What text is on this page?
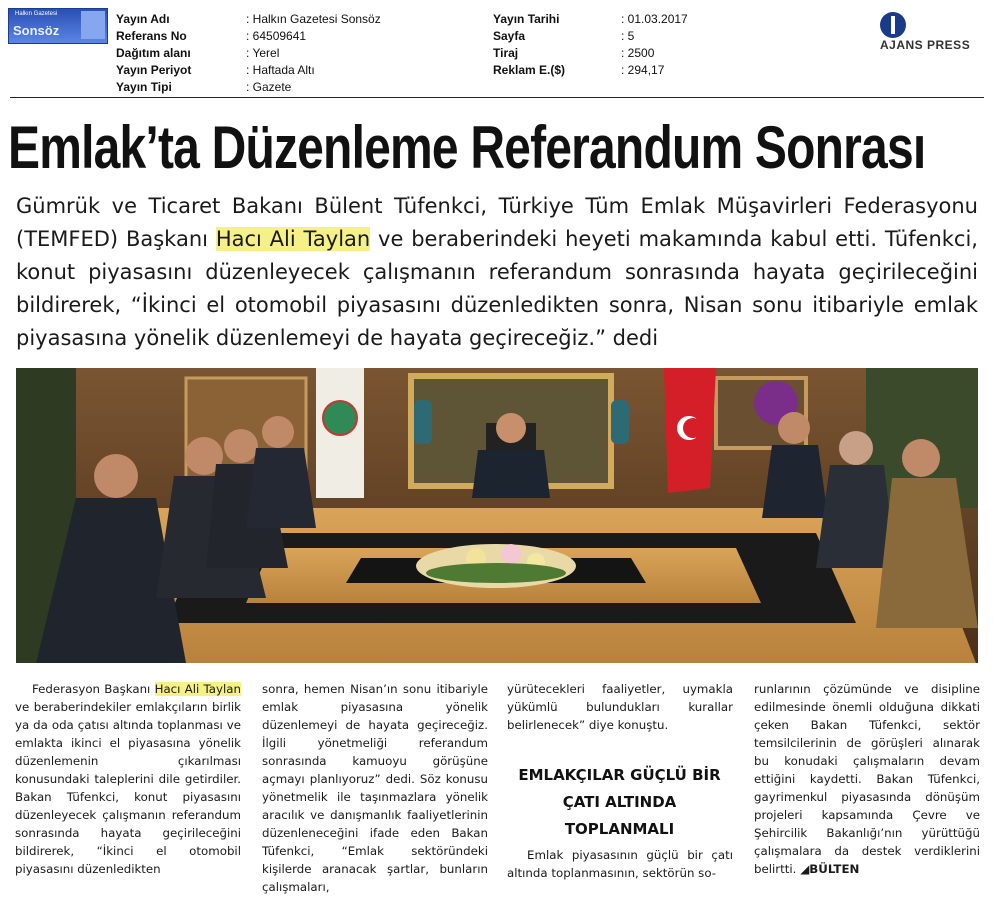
Halkın Gazetesi
Sonsöz
Yayın Adı	: Halkın Gazetesi Sonsöz
Referans No	: 64509641
Dağıtım alanı	: Yerel
Yayın Periyot	: Haftada Altı
Yayın Tipi	: Gazete
Yayın Tarihi	: 01.03.2017
Sayfa	: 5
Tiraj	: 2500
Reklam E.($)	: 294,17
AJANS PRESS
Emlak’ta Düzenleme Referandum Sonrası
Gümrük ve Ticaret Bakanı Bülent Tüfenkci, Türkiye Tüm Emlak Müşavirleri Federasyonu (TEMFED) Başkanı Hacı Ali Taylan ve beraberindeki heyeti makamında kabul etti. Tüfenkci, konut piyasasını düzenleyecek çalışmanın referandum sonrasında hayata geçirileceğini bildirerek, “İkinci el otomobil piyasasını düzenledikten sonra, Nisan sonu itibariyle emlak piyasasına yönelik düzenlemeyi de hayata geçireceğiz.” dedi
Federasyon Başkanı Hacı Ali Taylan ve beraberindekiler emlakçıların birlik ya da oda çatısı altında toplanması ve emlakta ikinci el piyasasına yönelik düzenlemenin çıkarılması konusundaki taleplerini dile getirdiler. Bakan Tüfenkci, konut piyasasını düzenleyecek çalışmanın referandum sonrasında hayata geçirileceğini bildirerek, “İkinci el otomobil piyasasını düzenledikten
sonra, hemen Nisan’ın sonu itibariyle emlak piyasasına yönelik düzenlemeyi de hayata geçireceğiz. İlgili yönetmeliği referandum sonrasında kamuoyu görüşüne açmayı planlıyoruz” dedi. Söz konusu yönetmelik ile taşınmazlara yönelik aracılık ve danışmanlık faaliyetlerinin düzenleneceğini ifade eden Bakan Tüfenkci, “Emlak sektöründeki kişilerde aranacak şartlar, bunların çalışmaları,
yürütecekleri faaliyetler, uymakla yükümlü bulundukları kurallar belirlenecek” diye konuştu.
EMLAKÇILAR GÜÇLÜ BİR ÇATI ALTINDA TOPLANMALI
Emlak piyasasının güçlü bir çatı altında toplanmasının, sektörün so-
runlarının çözümünde ve disipline edilmesinde önemli olduğuna dikkati çeken Bakan Tüfenkci, sektör temsilcilerinin de görüşleri alınarak bu konudaki çalışmaların devam ettiğini kaydetti. Bakan Tüfenkci, gayrimenkul piyasasında dönüşüm projeleri kapsamında Çevre ve Şehircilik Bakanlığı’nın yürüttüğü çalışmalara da destek verdiklerini belirtti. ◢BÜLTEN
